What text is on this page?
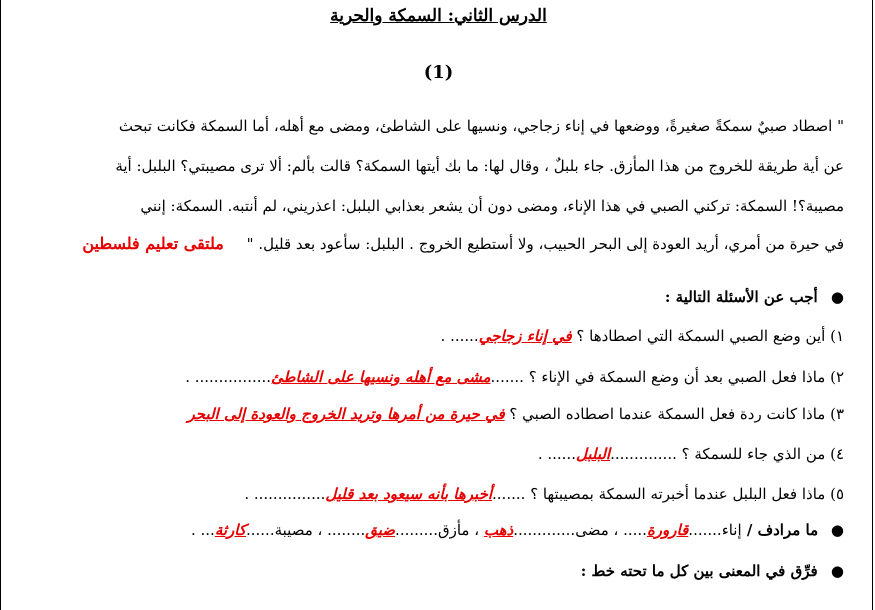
الدرس الثاني: السمكة والحرية
(1)
" اصطاد صبيٌ سمكةً صغيرةً، ووضعها في إناء زجاجي، ونسيها على الشاطئ، ومضى مع أهله، أما السمكة فكانت تبحث
عن أية طريقة للخروج من هذا المأزق. جاء بلبلٌ ، وقال لها: ما بك أيتها السمكة؟ قالت بألم: ألا ترى مصيبتي؟ البلبل: أية
مصيبة؟! السمكة: تركني الصبي في هذا الإناء، ومضى دون أن يشعر بعذابي البلبل: اعذريني، لم أنتبه. السمكة: إنني
في حيرة من أمري، أريد العودة إلى البحر الحبيب، ولا أستطيع الخروج . البلبل: سأعود بعد قليل. " ملتقى تعليم فلسطين
● أجب عن الأسئلة التالية :
١) أين وضع الصبي السمكة التي اصطادها ؟ في إناء زجاجي...... .
٢) ماذا فعل الصبي بعد أن وضع السمكة في الإناء ؟ .......مشى مع أهله ونسيها على الشاطئ................ .
٣) ماذا كانت ردة فعل السمكة عندما اصطاده الصبي ؟ في حيرة من أمرها وتريد الخروج والعودة إلى البحر
٤) من الذي جاء للسمكة ؟ ..............البلبل...... .
٥) ماذا فعل البلبل عندما أخبرته السمكة بمصيبتها ؟ .......أخبرها بأنه سيعود بعد قليل............... .
● ما مرادف / إناء.......قارورة..... ، مضى.............ذهب ، مأزق.........ضيق........ ، مصيبة......كارثة... .
● فرِّق في المعنى بين كل ما تحته خط :
